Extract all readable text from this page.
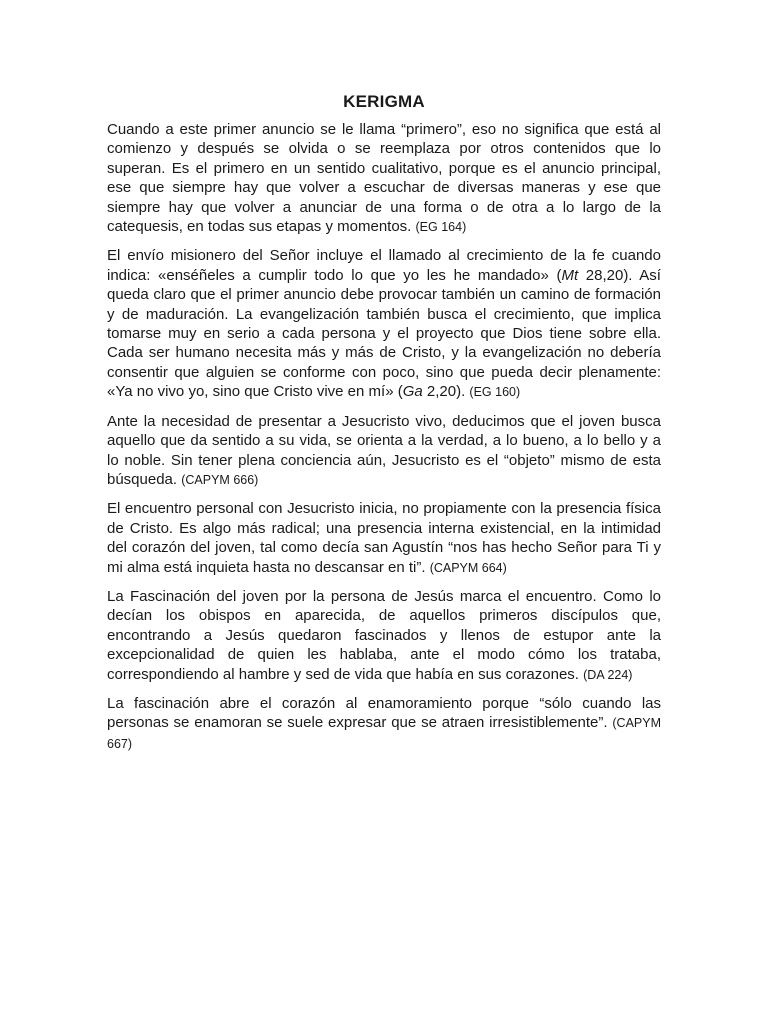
KERIGMA

Cuando a este primer anuncio se le llama “primero”, eso no significa que está al comienzo y después se olvida o se reemplaza por otros contenidos que lo superan. Es el primero en un sentido cualitativo, porque es el anuncio principal, ese que siempre hay que volver a escuchar de diversas maneras y ese que siempre hay que volver a anunciar de una forma o de otra a lo largo de la catequesis, en todas sus etapas y momentos. (EG 164)

El envío misionero del Señor incluye el llamado al crecimiento de la fe cuando indica: «enséñeles a cumplir todo lo que yo les he mandado» (Mt 28,20). Así queda claro que el primer anuncio debe provocar también un camino de formación y de maduración. La evangelización también busca el crecimiento, que implica tomarse muy en serio a cada persona y el proyecto que Dios tiene sobre ella. Cada ser humano necesita más y más de Cristo, y la evangelización no debería consentir que alguien se conforme con poco, sino que pueda decir plenamente: «Ya no vivo yo, sino que Cristo vive en mí» (Ga 2,20). (EG 160)

Ante la necesidad de presentar a Jesucristo vivo, deducimos que el joven busca aquello que da sentido a su vida, se orienta a la verdad, a lo bueno, a lo bello y a lo noble. Sin tener plena conciencia aún, Jesucristo es el “objeto” mismo de esta búsqueda. (CAPYM 666)

El encuentro personal con Jesucristo inicia, no propiamente con la presencia física de Cristo. Es algo más radical; una presencia interna existencial, en la intimidad del corazón del joven, tal como decía san Agustín “nos has hecho Señor para Ti y mi alma está inquieta hasta no descansar en ti”. (CAPYM 664)

La Fascinación del joven por la persona de Jesús marca el encuentro. Como lo decían los obispos en aparecida, de aquellos primeros discípulos que, encontrando a Jesús quedaron fascinados y llenos de estupor ante la excepcionalidad de quien les hablaba, ante el modo cómo los trataba, correspondiendo al hambre y sed de vida que había en sus corazones. (DA 224)

La fascinación abre el corazón al enamoramiento porque “sólo cuando las personas se enamoran se suele expresar que se atraen irresistiblemente”. (CAPYM 667)
